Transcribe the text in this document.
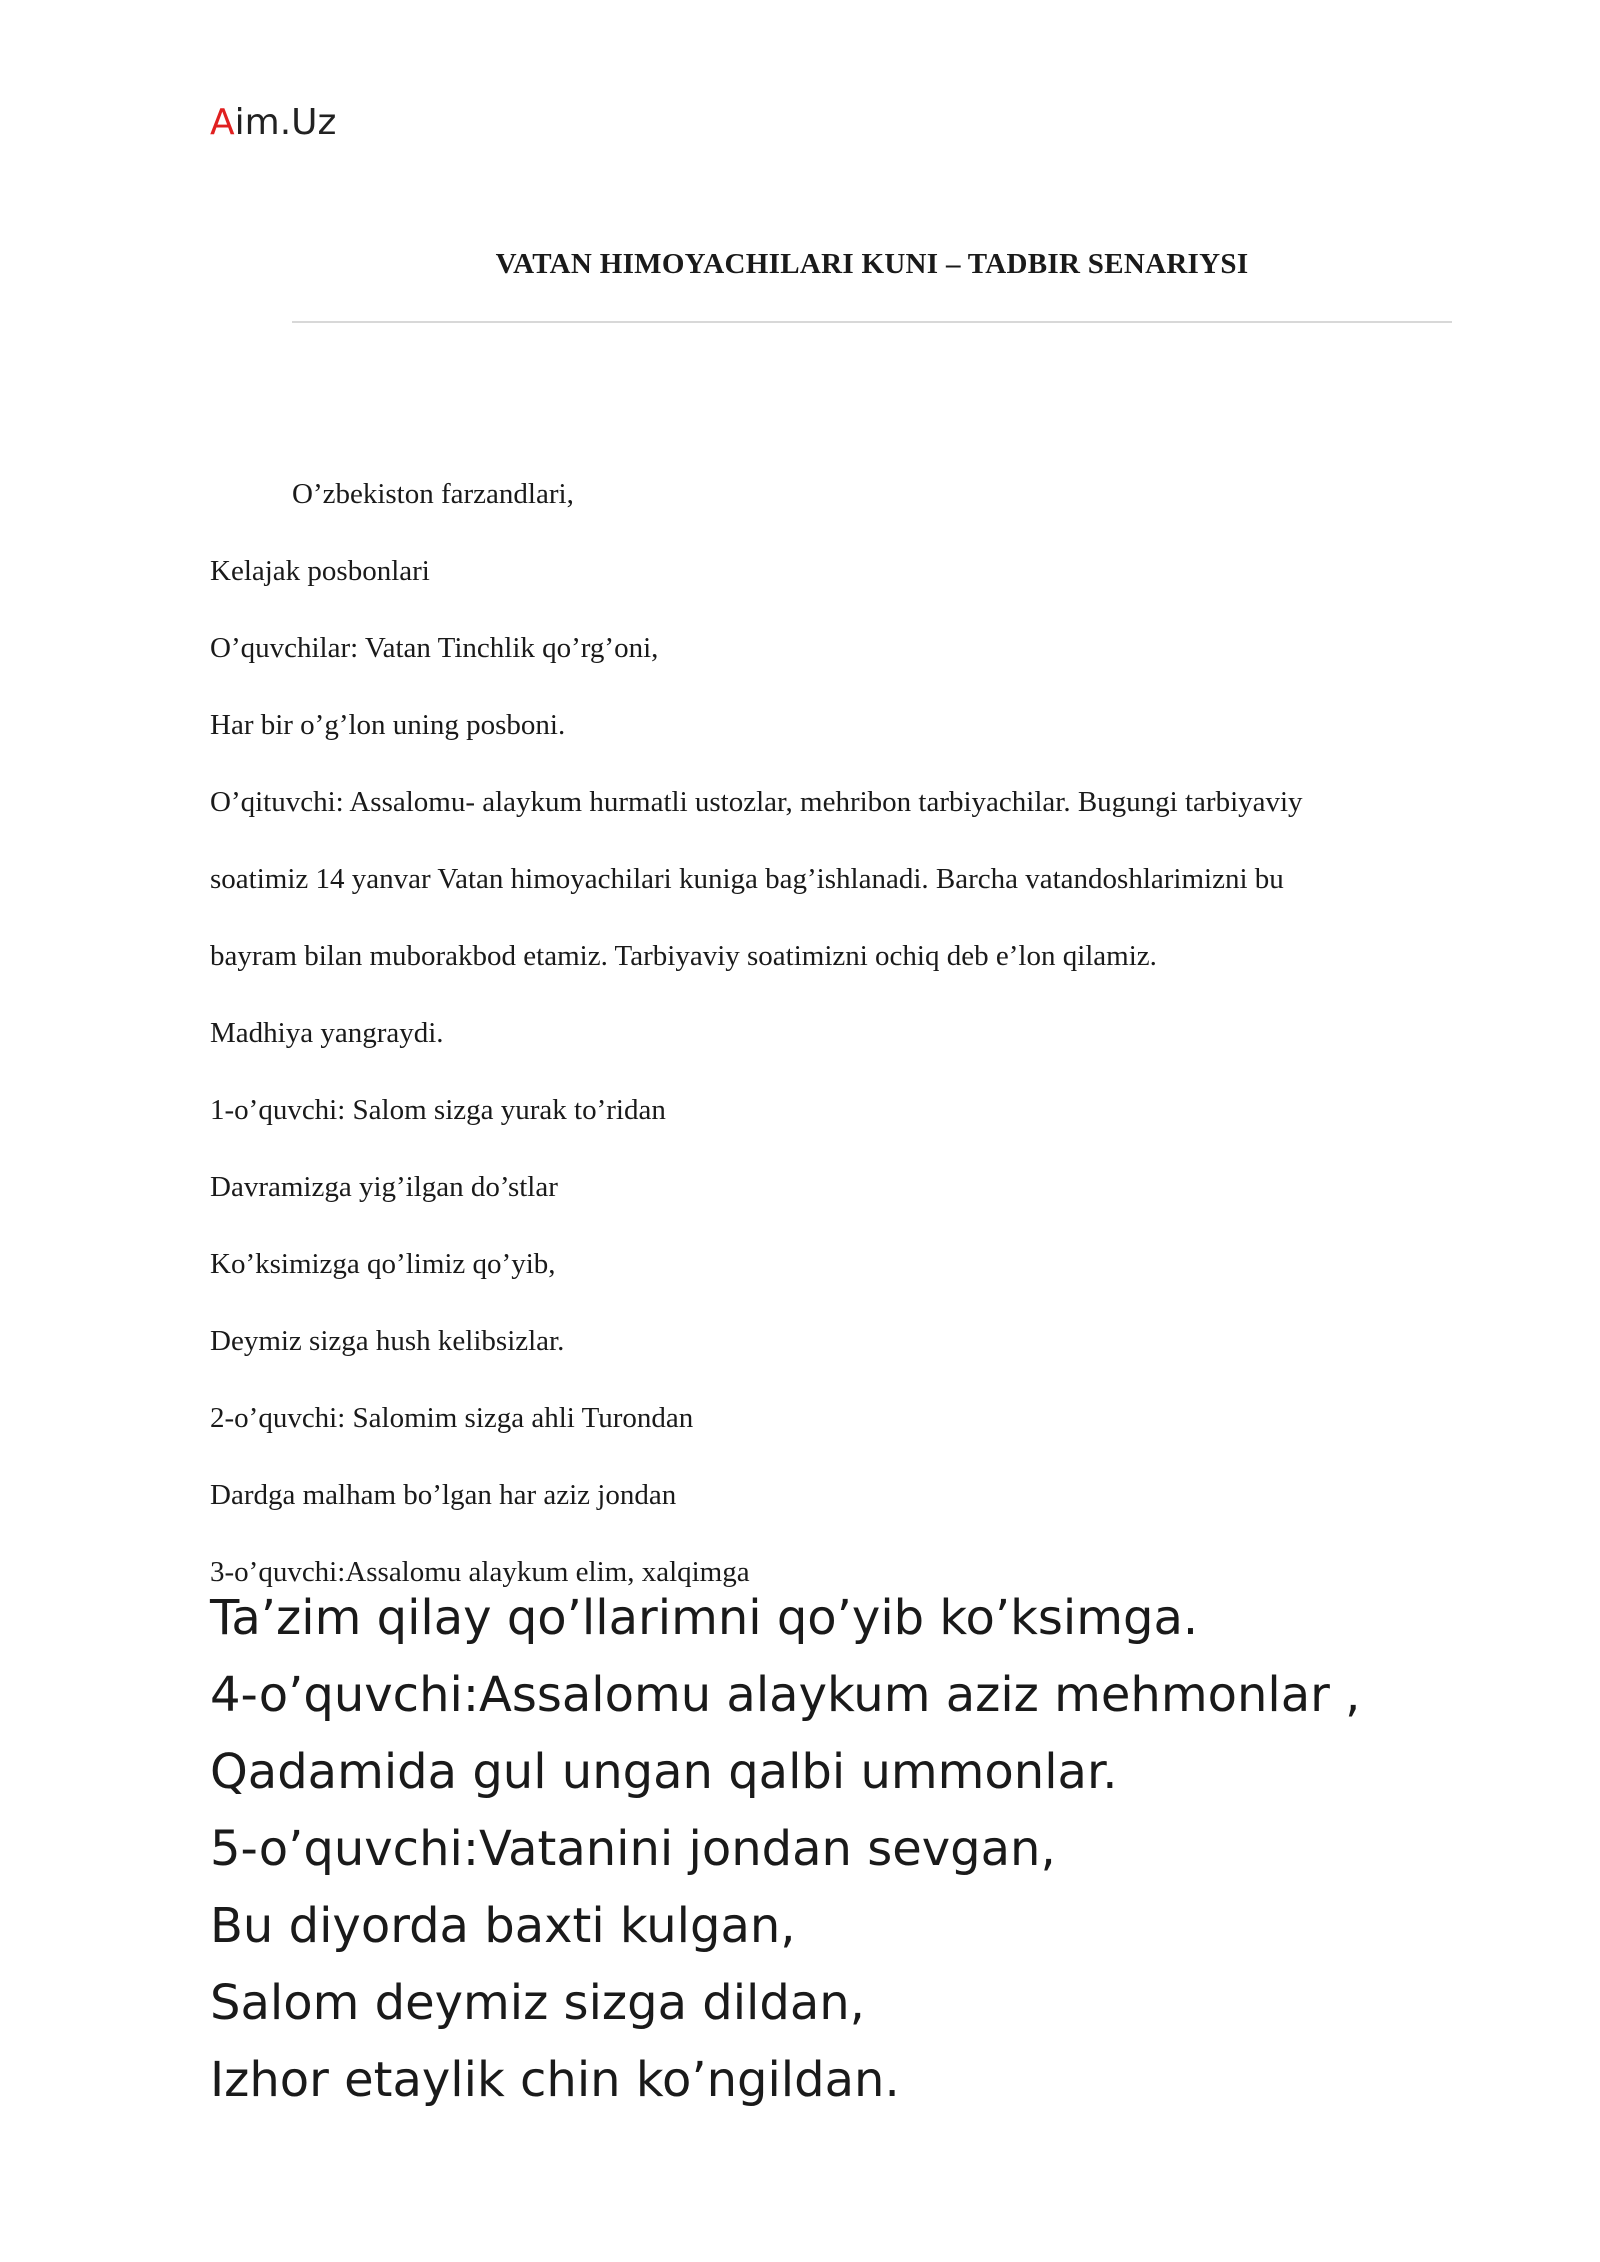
Aim.Uz
VATAN HIMOYACHILARI KUNI – TADBIR SENARIYSI

O’zbekiston farzandlari,

Kelajak posbonlari

O’quvchilar: Vatan Tinchlik qo’rg’oni,

Har bir o’g’lon uning posboni.

O’qituvchi: Assalomu- alaykum hurmatli ustozlar, mehribon tarbiyachilar. Bugungi tarbiyaviy

soatimiz 14 yanvar Vatan himoyachilari kuniga bag’ishlanadi. Barcha vatandoshlarimizni bu

bayram bilan muborakbod etamiz. Tarbiyaviy soatimizni ochiq deb e’lon qilamiz.

Madhiya yangraydi.

1-o’quvchi: Salom sizga yurak to’ridan

Davramizga yig’ilgan do’stlar

Ko’ksimizga qo’limiz qo’yib,

Deymiz sizga hush kelibsizlar.

2-o’quvchi: Salomim sizga ahli Turondan

Dardga malham bo’lgan har aziz jondan

3-o’quvchi:Assalomu alaykum elim, xalqimga

Ta’zim qilay qo’llarimni qo’yib ko’ksimga.

4-o’quvchi:Assalomu alaykum aziz mehmonlar ,

Qadamida gul ungan qalbi ummonlar.

5-o’quvchi:Vatanini jondan sevgan,

Bu diyorda baxti kulgan,

Salom deymiz sizga dildan,

Izhor etaylik chin ko’ngildan.
